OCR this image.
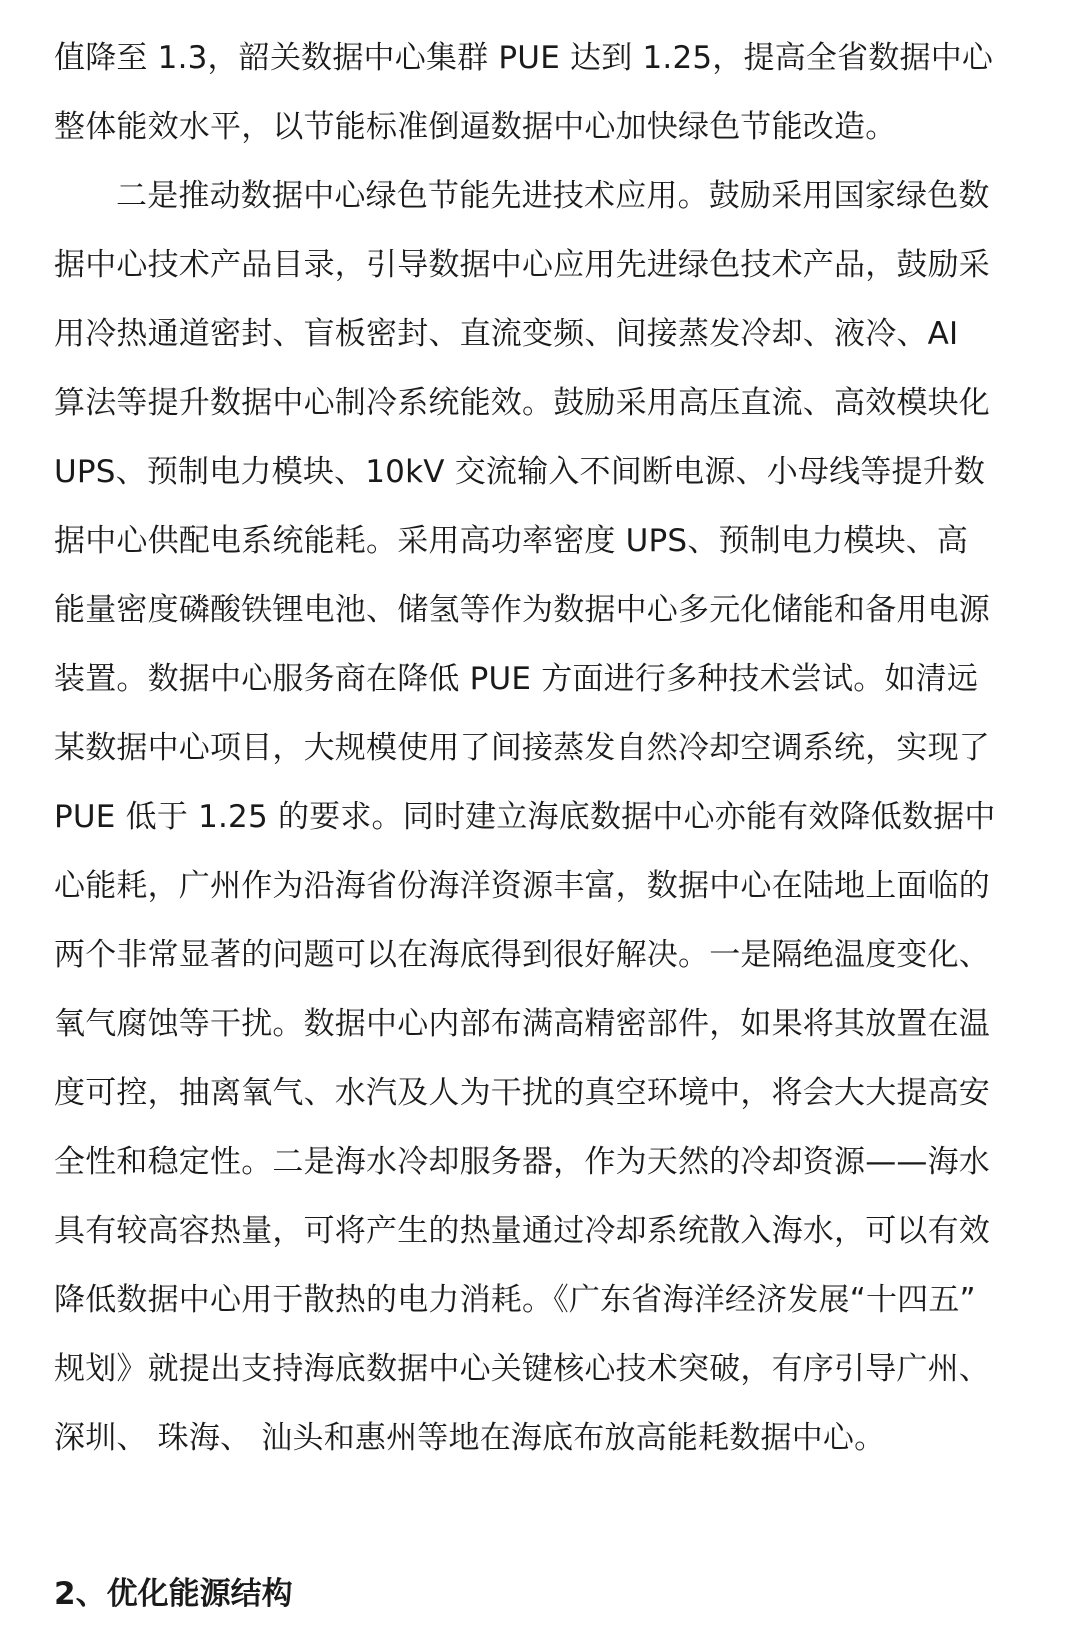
值降至 1.3，韶关数据中心集群 PUE 达到 1.25，提高全省数据中心
整体能效水平，以节能标准倒逼数据中心加快绿色节能改造。
二是推动数据中心绿色节能先进技术应用。鼓励采用国家绿色数
据中心技术产品目录，引导数据中心应用先进绿色技术产品，鼓励采
用冷热通道密封、盲板密封、直流变频、间接蒸发冷却、液冷、AI
算法等提升数据中心制冷系统能效。鼓励采用高压直流、高效模块化
UPS、预制电力模块、10kV 交流输入不间断电源、小母线等提升数
据中心供配电系统能耗。采用高功率密度 UPS、预制电力模块、高
能量密度磷酸铁锂电池、储氢等作为数据中心多元化储能和备用电源
装置。数据中心服务商在降低 PUE 方面进行多种技术尝试。如清远
某数据中心项目，大规模使用了间接蒸发自然冷却空调系统，实现了
PUE 低于 1.25 的要求。同时建立海底数据中心亦能有效降低数据中
心能耗，广州作为沿海省份海洋资源丰富，数据中心在陆地上面临的
两个非常显著的问题可以在海底得到很好解决。一是隔绝温度变化、
氧气腐蚀等干扰。数据中心内部布满高精密部件，如果将其放置在温
度可控，抽离氧气、水汽及人为干扰的真空环境中，将会大大提高安
全性和稳定性。二是海水冷却服务器，作为天然的冷却资源——海水
具有较高容热量，可将产生的热量通过冷却系统散入海水，可以有效
降低数据中心用于散热的电力消耗。《广东省海洋经济发展“十四五”
规划》就提出支持海底数据中心关键核心技术突破，有序引导广州、
深圳、 珠海、 汕头和惠州等地在海底布放高能耗数据中心。
2、优化能源结构
